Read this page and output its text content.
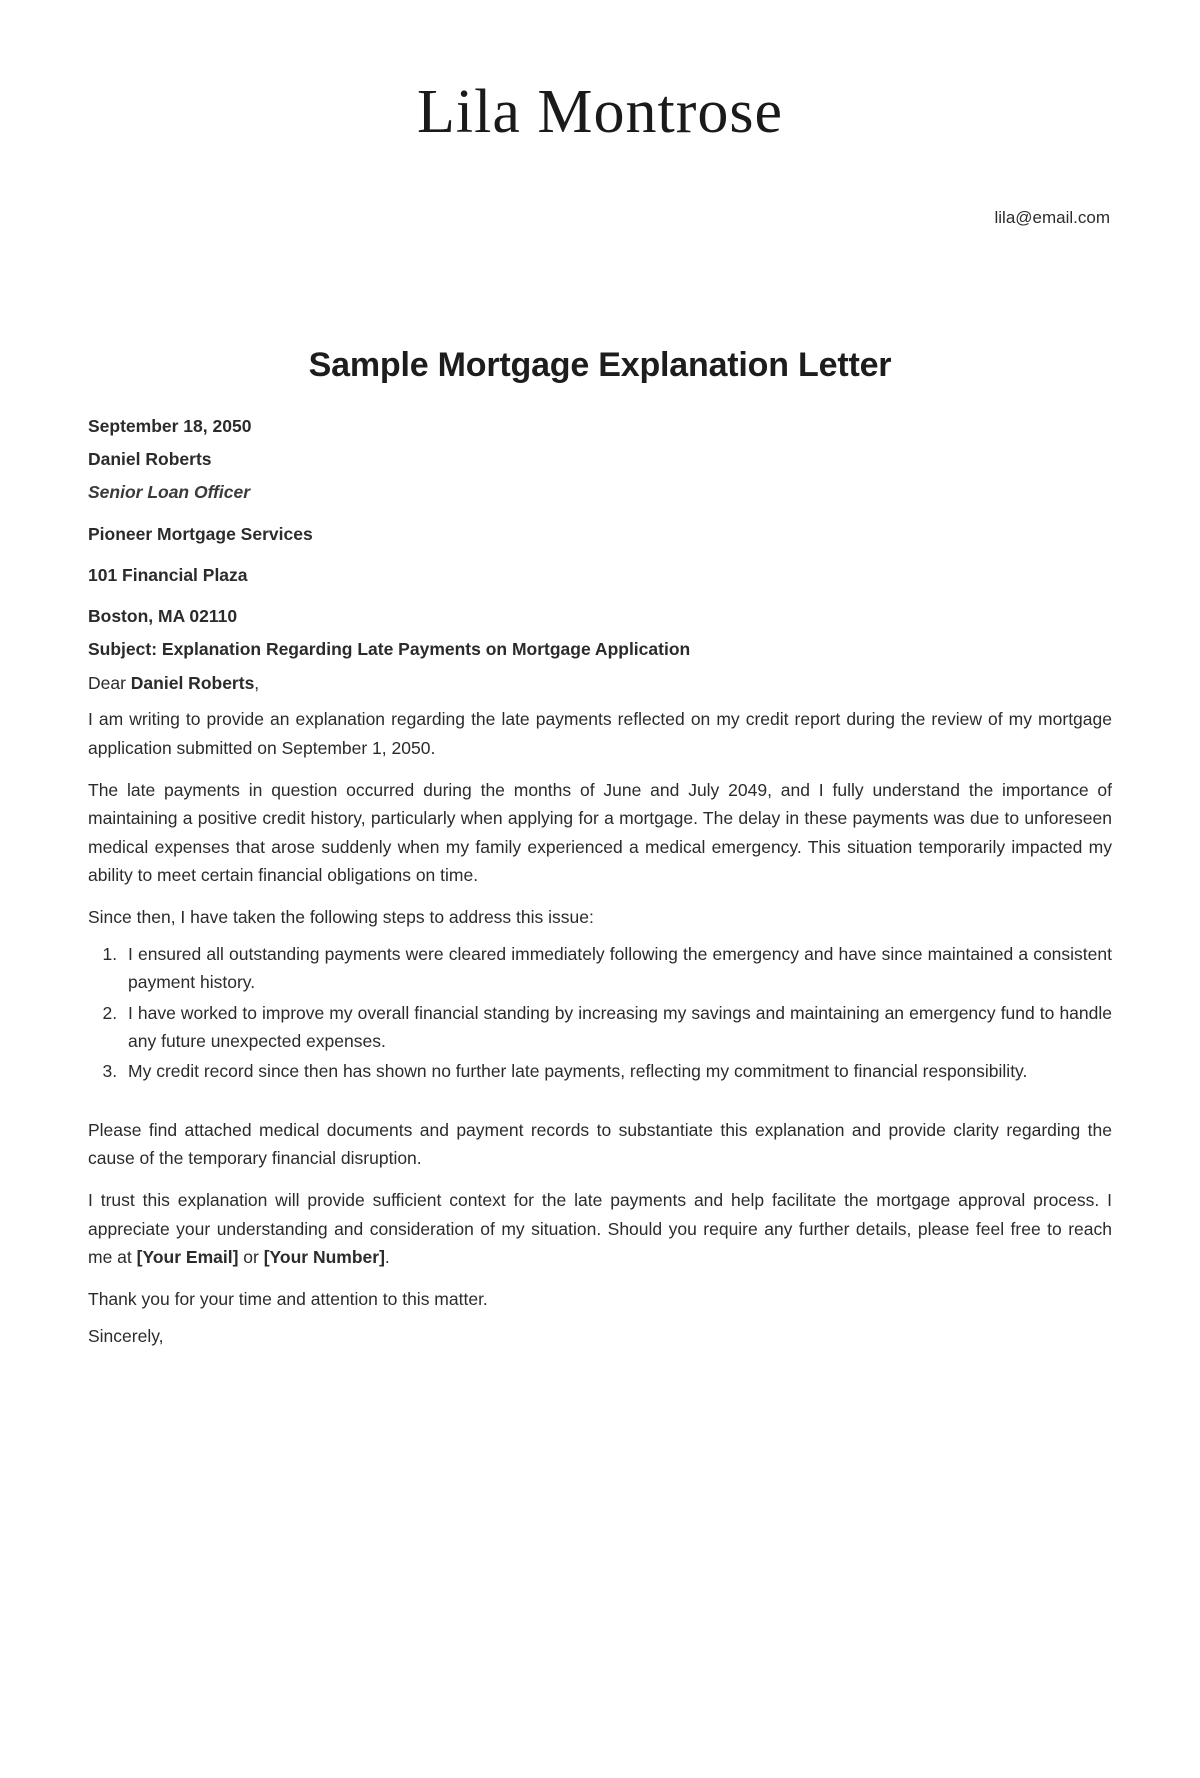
Lila Montrose
lila@email.com
Sample Mortgage Explanation Letter
September 18, 2050
Daniel Roberts
Senior Loan Officer
Pioneer Mortgage Services
101 Financial Plaza
Boston, MA 02110
Subject: Explanation Regarding Late Payments on Mortgage Application

Dear Daniel Roberts,

I am writing to provide an explanation regarding the late payments reflected on my credit report during the review of my mortgage application submitted on September 1, 2050.

The late payments in question occurred during the months of June and July 2049, and I fully understand the importance of maintaining a positive credit history, particularly when applying for a mortgage. The delay in these payments was due to unforeseen medical expenses that arose suddenly when my family experienced a medical emergency. This situation temporarily impacted my ability to meet certain financial obligations on time.

Since then, I have taken the following steps to address this issue:

1. I ensured all outstanding payments were cleared immediately following the emergency and have since maintained a consistent payment history.
2. I have worked to improve my overall financial standing by increasing my savings and maintaining an emergency fund to handle any future unexpected expenses.
3. My credit record since then has shown no further late payments, reflecting my commitment to financial responsibility.

Please find attached medical documents and payment records to substantiate this explanation and provide clarity regarding the cause of the temporary financial disruption.

I trust this explanation will provide sufficient context for the late payments and help facilitate the mortgage approval process. I appreciate your understanding and consideration of my situation. Should you require any further details, please feel free to reach me at [Your Email] or [Your Number].

Thank you for your time and attention to this matter.

Sincerely,
